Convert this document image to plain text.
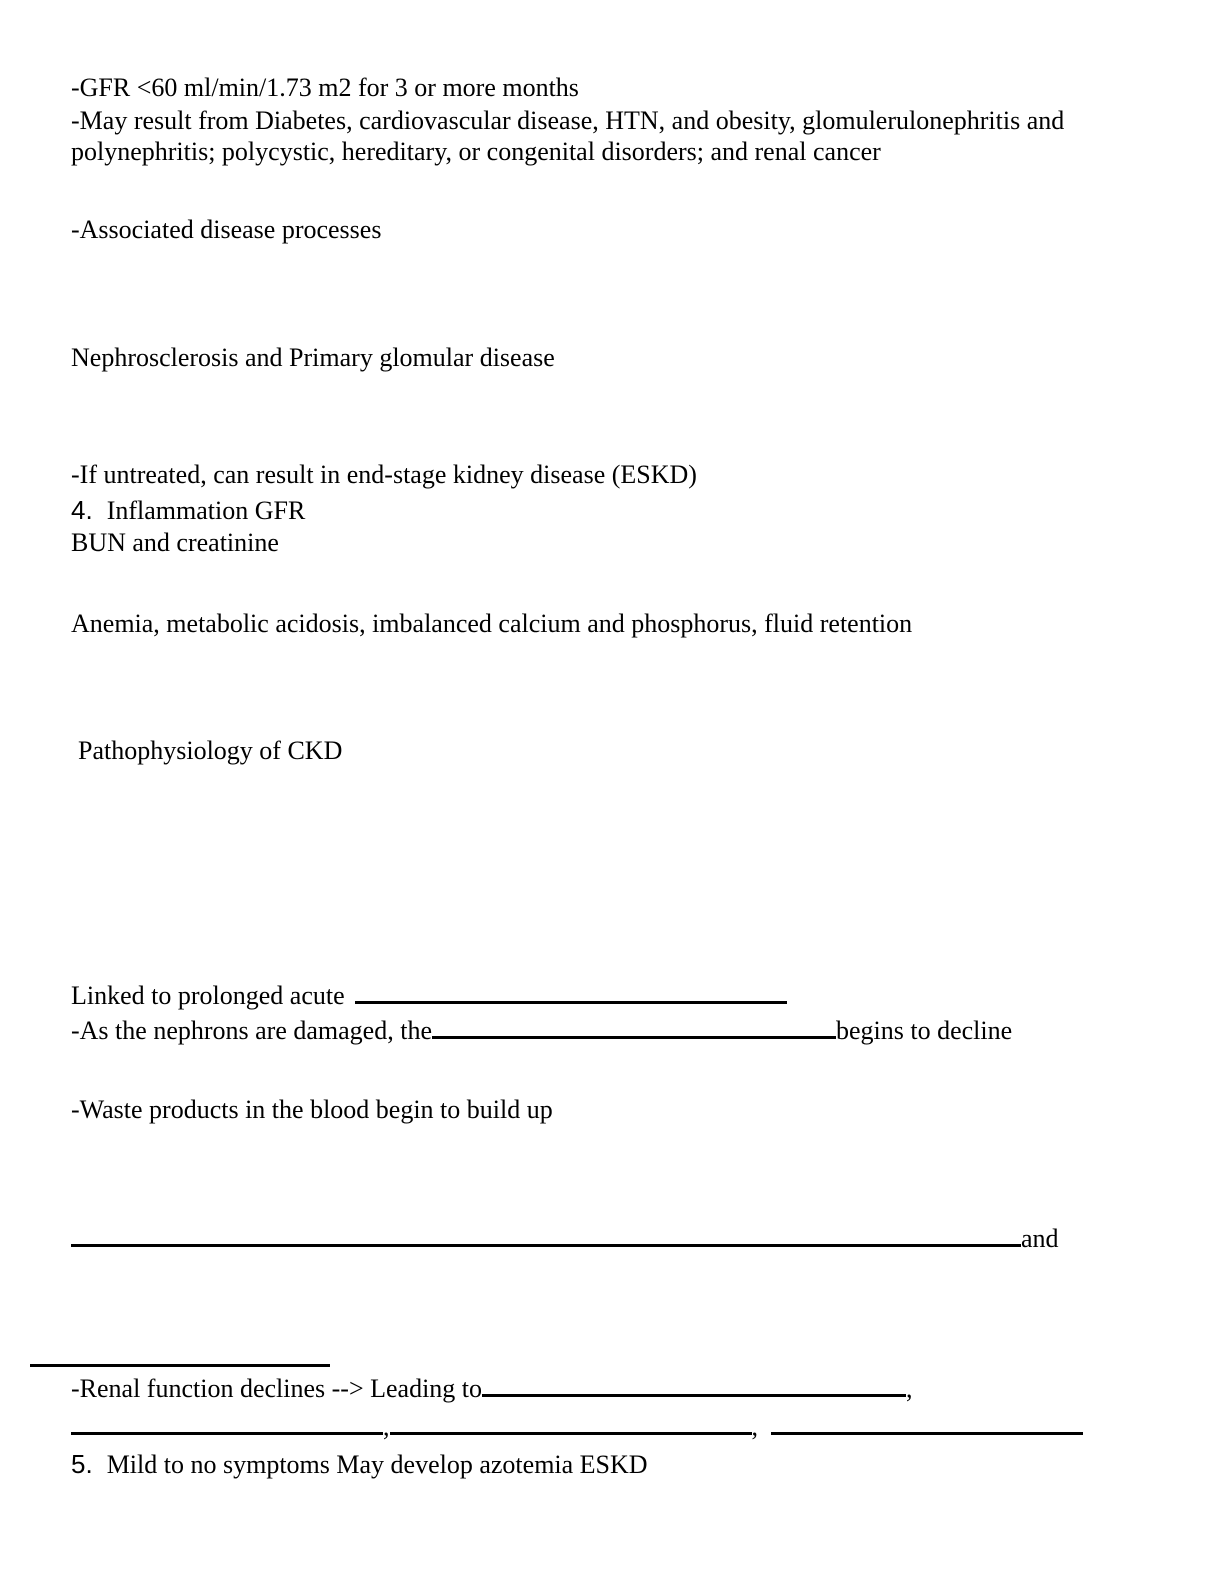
-GFR <60 ml/min/1.73 m2 for 3 or more months
-May result from Diabetes, cardiovascular disease, HTN, and obesity, glomulerulonephritis and
polynephritis; polycystic, hereditary, or congenital disorders; and renal cancer
-Associated disease processes
Nephrosclerosis and Primary glomular disease
-If untreated, can result in end-stage kidney disease (ESKD)
4. Inflammation GFR
BUN and creatinine
Anemia, metabolic acidosis, imbalanced calcium and phosphorus, fluid retention
Pathophysiology of CKD
Linked to prolonged acute
-As the nephrons are damaged, the	begins to decline
-Waste products in the blood begin to build up
and
-Renal function declines --> Leading to	,
,	,
5. Mild to no symptoms May develop azotemia ESKD
